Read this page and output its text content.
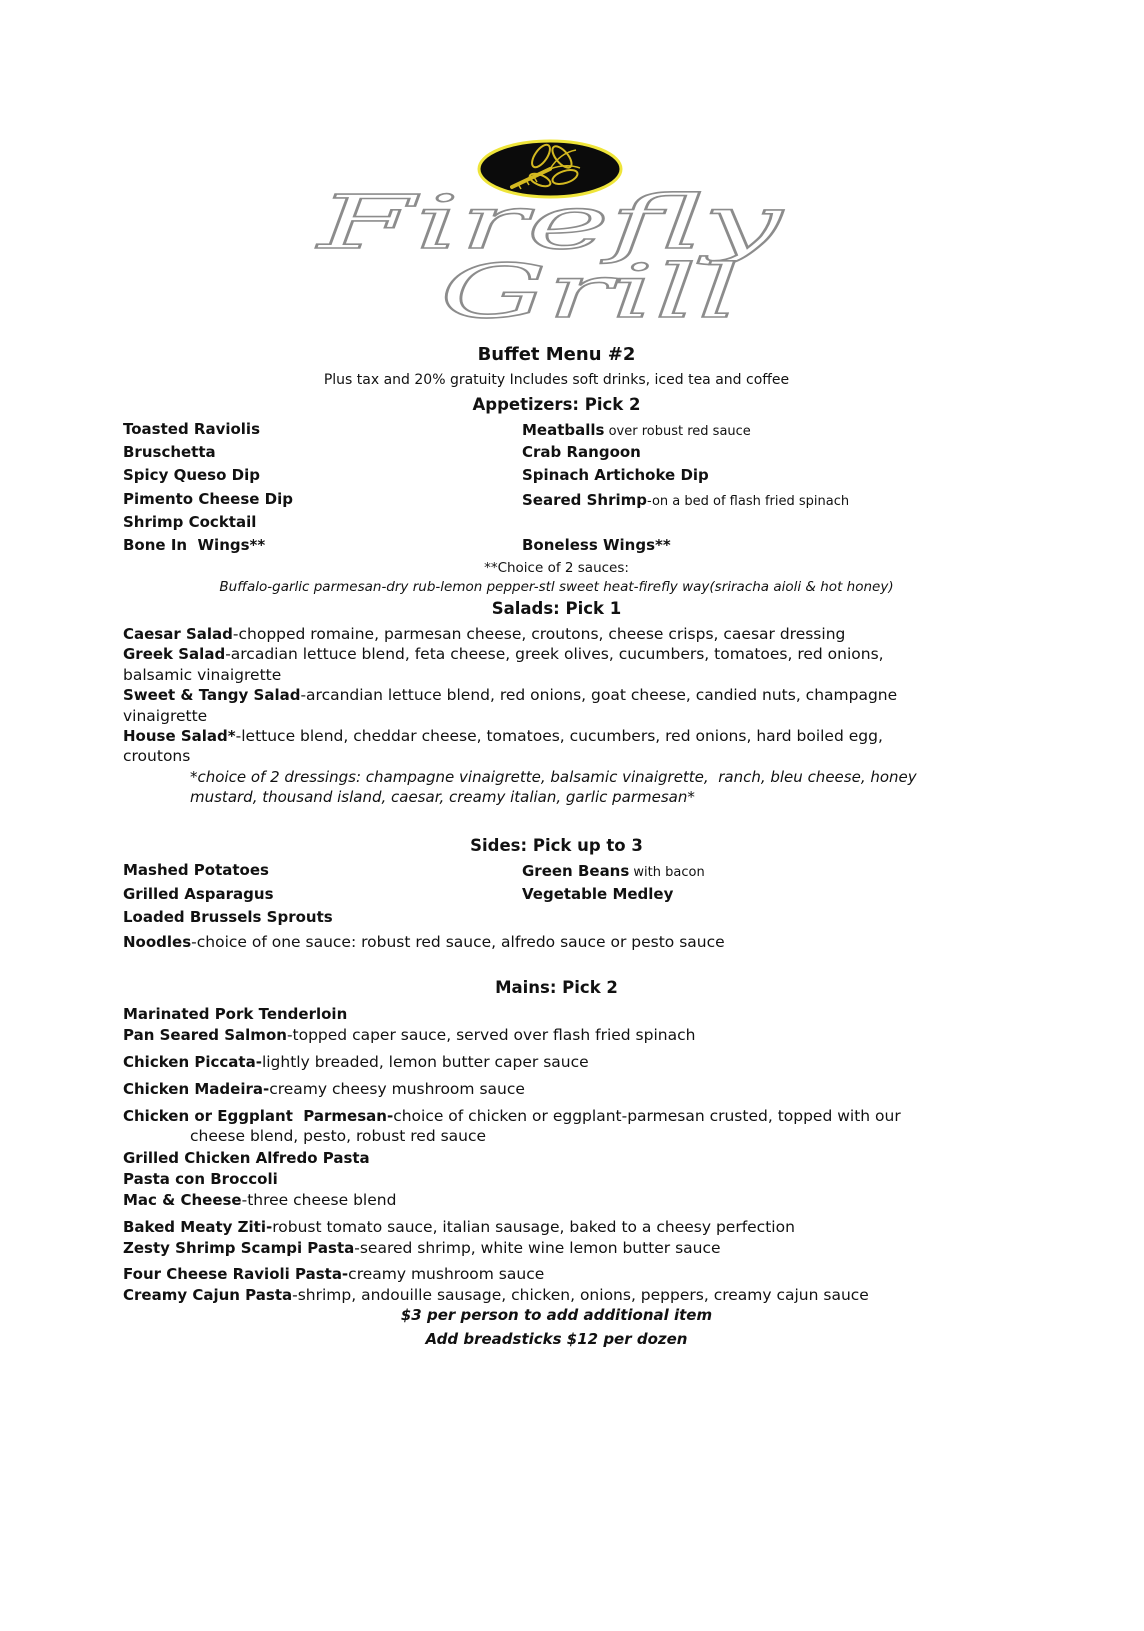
Firefly
Grill
Buffet Menu #2
Plus tax and 20% gratuity Includes soft drinks, iced tea and coffee
Appetizers: Pick 2
Toasted Raviolis	Meatballs over robust red sauce
Bruschetta	Crab Rangoon
Spicy Queso Dip	Spinach Artichoke Dip
Pimento Cheese Dip	Seared Shrimp-on a bed of flash fried spinach
Shrimp Cocktail
Bone In  Wings**	Boneless Wings**
**Choice of 2 sauces:
Buffalo-garlic parmesan-dry rub-lemon pepper-stl sweet heat-firefly way(sriracha aioli & hot honey)
Salads: Pick 1
Caesar Salad-chopped romaine, parmesan cheese, croutons, cheese crisps, caesar dressing
Greek Salad-arcadian lettuce blend, feta cheese, greek olives, cucumbers, tomatoes, red onions,
balsamic vinaigrette
Sweet & Tangy Salad-arcandian lettuce blend, red onions, goat cheese, candied nuts, champagne
vinaigrette
House Salad*-lettuce blend, cheddar cheese, tomatoes, cucumbers, red onions, hard boiled egg,
croutons
*choice of 2 dressings: champagne vinaigrette, balsamic vinaigrette,  ranch, bleu cheese, honey
mustard, thousand island, caesar, creamy italian, garlic parmesan*
Sides: Pick up to 3
Mashed Potatoes	Green Beans with bacon
Grilled Asparagus	Vegetable Medley
Loaded Brussels Sprouts
Noodles-choice of one sauce: robust red sauce, alfredo sauce or pesto sauce
Mains: Pick 2
Marinated Pork Tenderloin
Pan Seared Salmon-topped caper sauce, served over flash fried spinach
Chicken Piccata-lightly breaded, lemon butter caper sauce
Chicken Madeira-creamy cheesy mushroom sauce
Chicken or Eggplant  Parmesan-choice of chicken or eggplant-parmesan crusted, topped with our
cheese blend, pesto, robust red sauce
Grilled Chicken Alfredo Pasta
Pasta con Broccoli
Mac & Cheese-three cheese blend
Baked Meaty Ziti-robust tomato sauce, italian sausage, baked to a cheesy perfection
Zesty Shrimp Scampi Pasta-seared shrimp, white wine lemon butter sauce
Four Cheese Ravioli Pasta-creamy mushroom sauce
Creamy Cajun Pasta-shrimp, andouille sausage, chicken, onions, peppers, creamy cajun sauce
$3 per person to add additional item
Add breadsticks $12 per dozen
